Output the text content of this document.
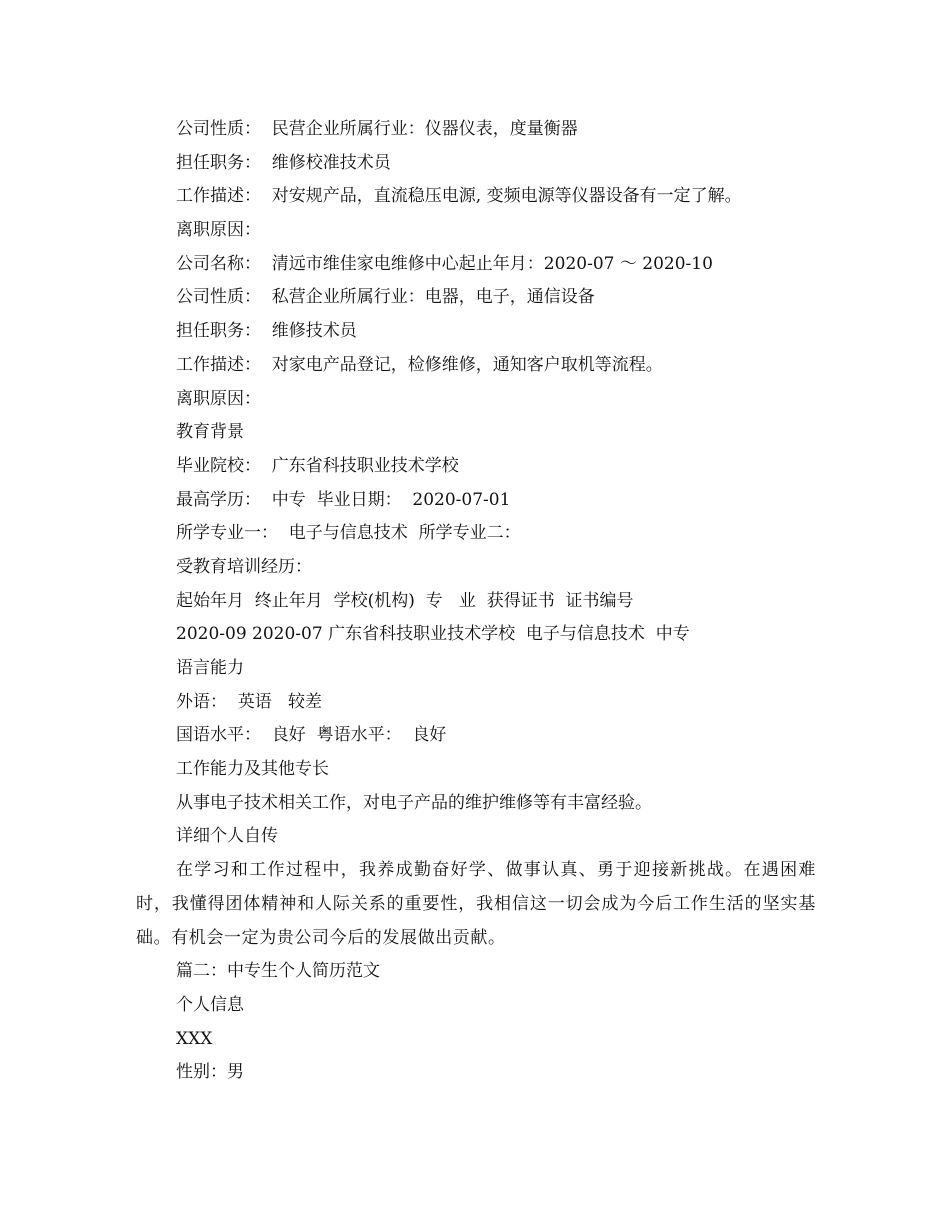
公司性质：  民营企业所属行业：仪器仪表，度量衡器
担任职务：  维修校准技术员
工作描述：  对安规产品，直流稳压电源, 变频电源等仪器设备有一定了解。
离职原因：
公司名称：  清远市维佳家电维修中心起止年月：2020-07 ～ 2020-10
公司性质：  私营企业所属行业：电器，电子，通信设备
担任职务：  维修技术员
工作描述：  对家电产品登记，检修维修，通知客户取机等流程。
离职原因：
教育背景
毕业院校：  广东省科技职业技术学校
最高学历：  中专  毕业日期：  2020-07-01
所学专业一：  电子与信息技术  所学专业二：
受教育培训经历：
起始年月  终止年月  学校(机构)  专   业  获得证书  证书编号
2020-09 2020-07 广东省科技职业技术学校  电子与信息技术  中专
语言能力
外语：  英语   较差
国语水平：  良好  粤语水平：  良好
工作能力及其他专长
从事电子技术相关工作，对电子产品的维护维修等有丰富经验。
详细个人自传

在学习和工作过程中，我养成勤奋好学、做事认真、勇于迎接新挑战。在遇困难时，我懂得团体精神和人际关系的重要性，我相信这一切会成为今后工作生活的坚实基础。有机会一定为贵公司今后的发展做出贡献。

篇二：中专生个人简历范文
个人信息
XXX
性别：男
